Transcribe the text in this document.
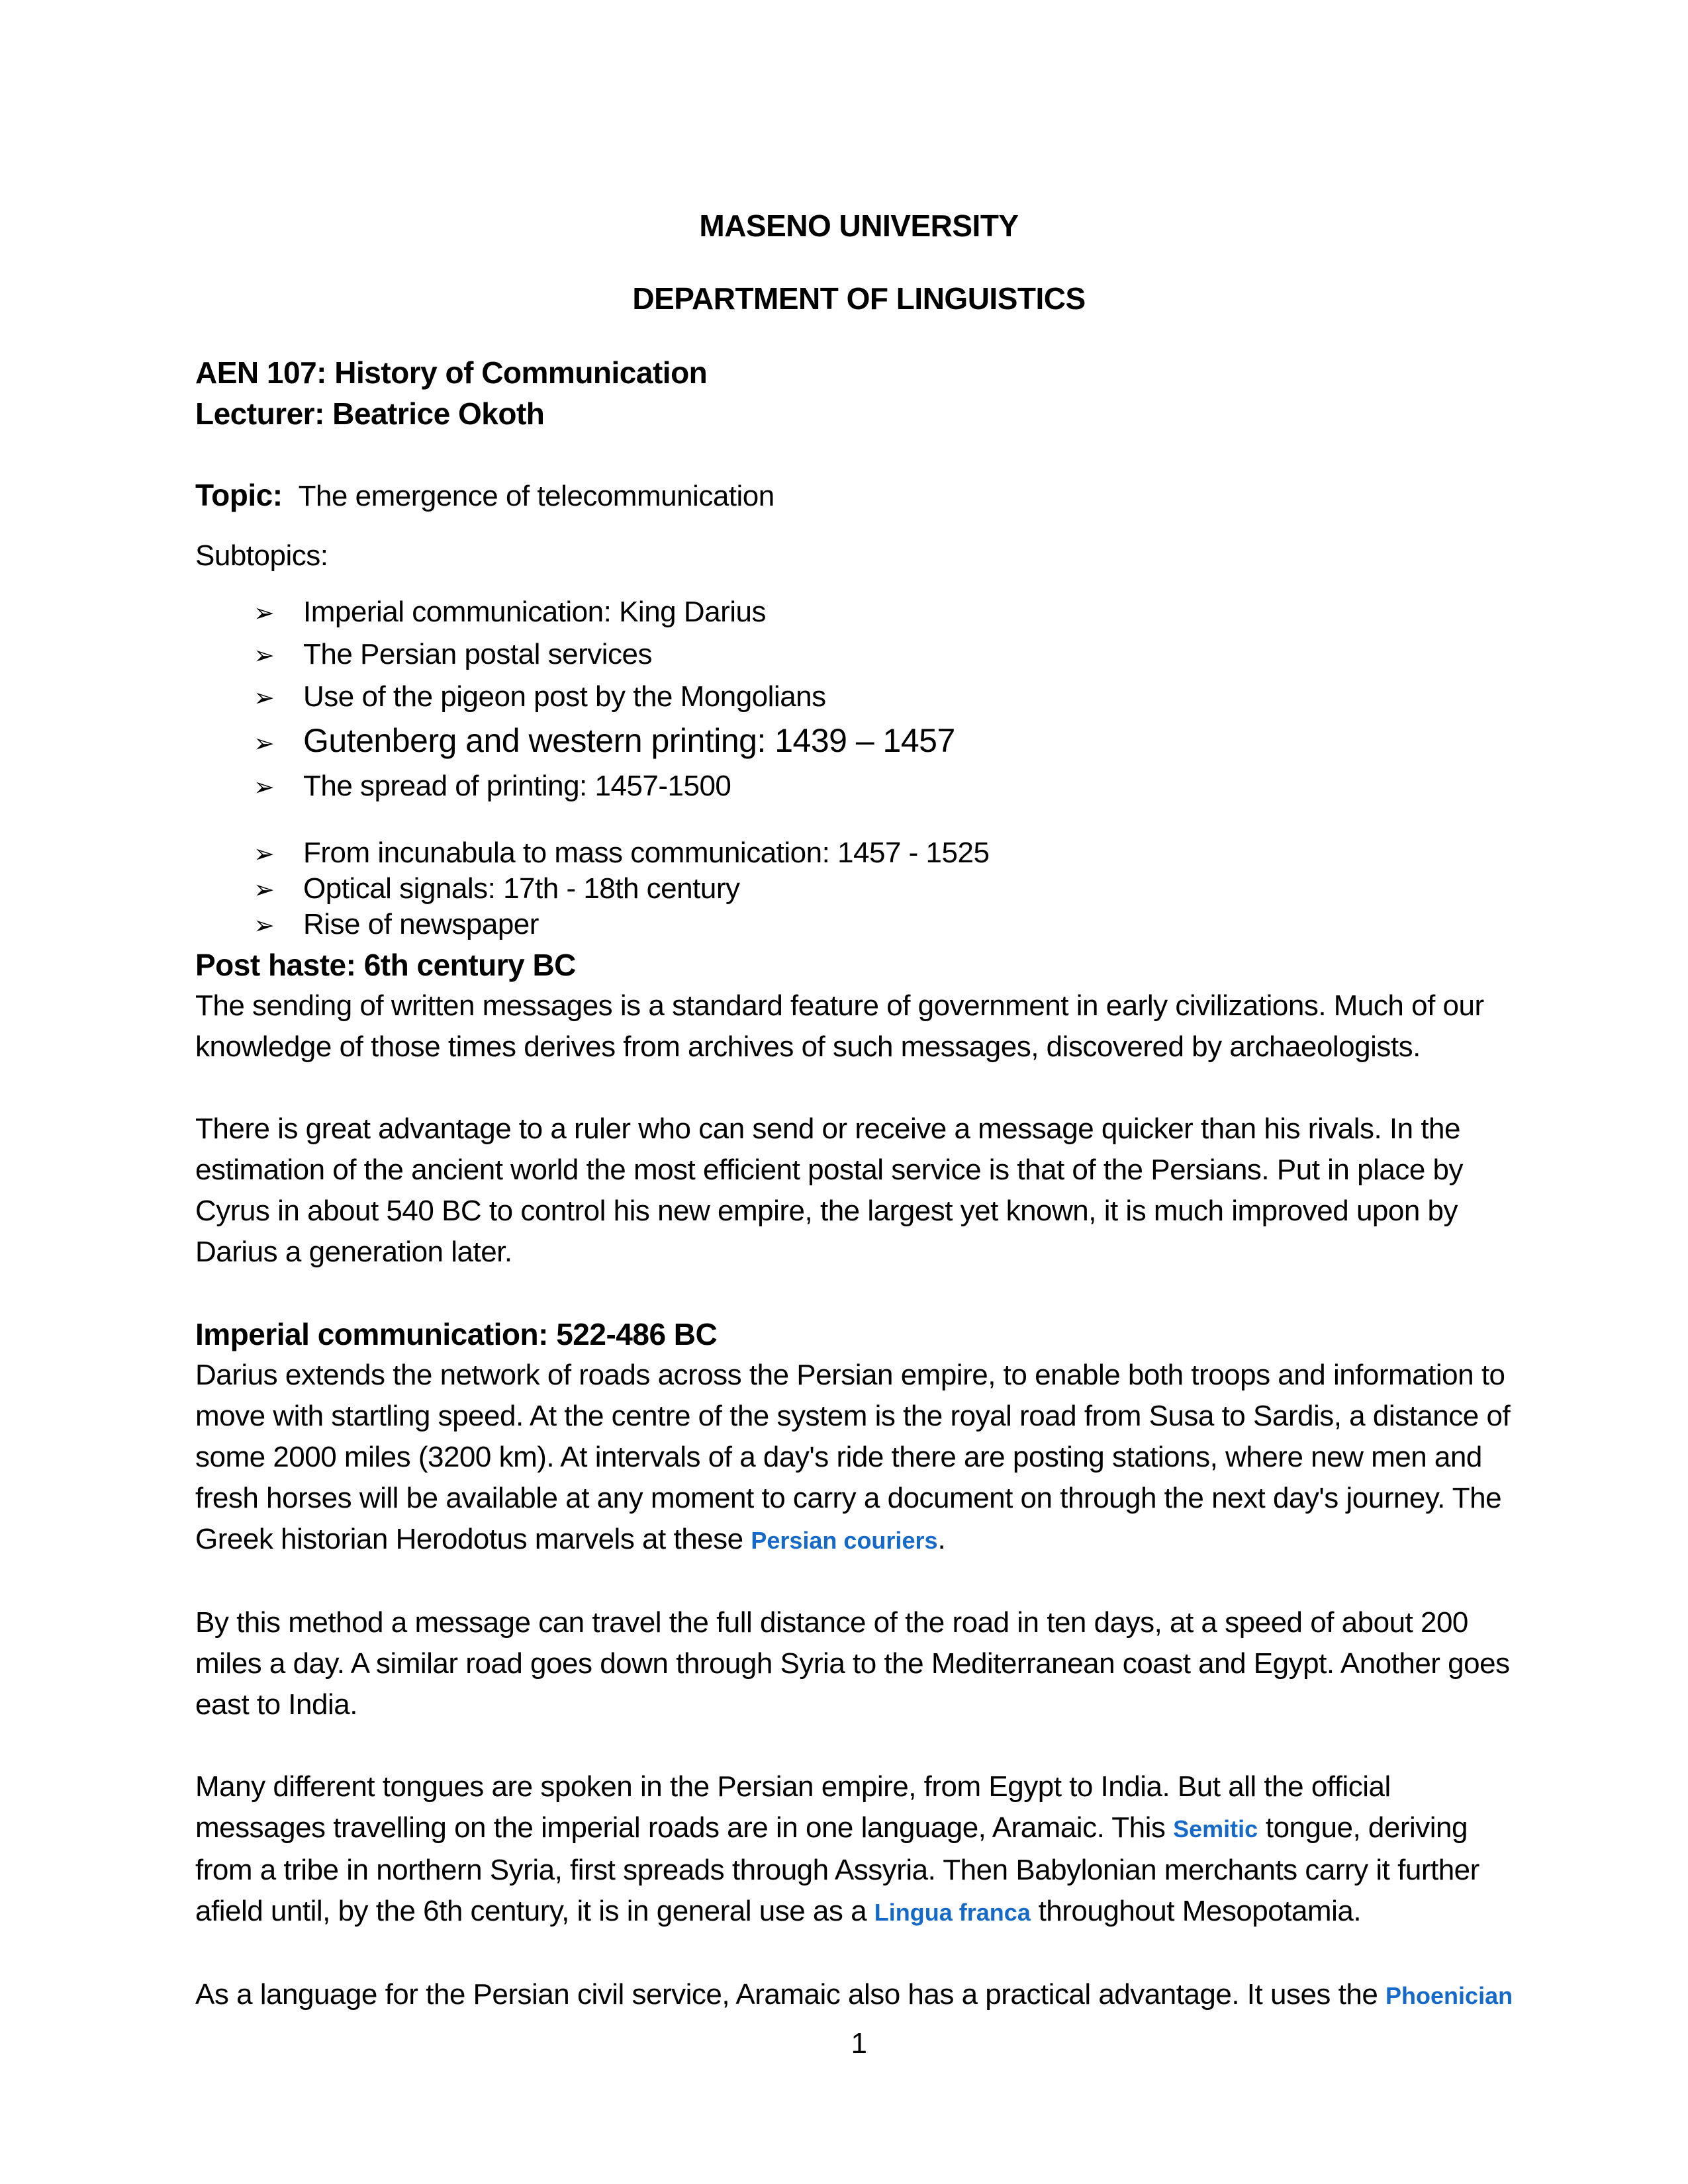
MASENO UNIVERSITY
DEPARTMENT OF LINGUISTICS
AEN 107: History of Communication
Lecturer: Beatrice Okoth
Topic: The emergence of telecommunication
Subtopics:
➢ Imperial communication: King Darius
➢ The Persian postal services
➢ Use of the pigeon post by the Mongolians
➢ Gutenberg and western printing: 1439 – 1457
➢ The spread of printing: 1457-1500
➢ From incunabula to mass communication: 1457 - 1525
➢ Optical signals: 17th - 18th century
➢ Rise of newspaper
Post haste: 6th century BC

The sending of written messages is a standard feature of government in early civilizations. Much of our knowledge of those times derives from archives of such messages, discovered by archaeologists.

There is great advantage to a ruler who can send or receive a message quicker than his rivals. In the estimation of the ancient world the most efficient postal service is that of the Persians. Put in place by Cyrus in about 540 BC to control his new empire, the largest yet known, it is much improved upon by Darius a generation later.

Imperial communication: 522-486 BC

Darius extends the network of roads across the Persian empire, to enable both troops and information to move with startling speed. At the centre of the system is the royal road from Susa to Sardis, a distance of some 2000 miles (3200 km). At intervals of a day's ride there are posting stations, where new men and fresh horses will be available at any moment to carry a document on through the next day's journey. The Greek historian Herodotus marvels at these Persian couriers.

By this method a message can travel the full distance of the road in ten days, at a speed of about 200 miles a day. A similar road goes down through Syria to the Mediterranean coast and Egypt. Another goes east to India.

Many different tongues are spoken in the Persian empire, from Egypt to India. But all the official messages travelling on the imperial roads are in one language, Aramaic. This Semitic tongue, deriving from a tribe in northern Syria, first spreads through Assyria. Then Babylonian merchants carry it further afield until, by the 6th century, it is in general use as a Lingua franca throughout Mesopotamia.

As a language for the Persian civil service, Aramaic also has a practical advantage. It uses the Phoenician

1
